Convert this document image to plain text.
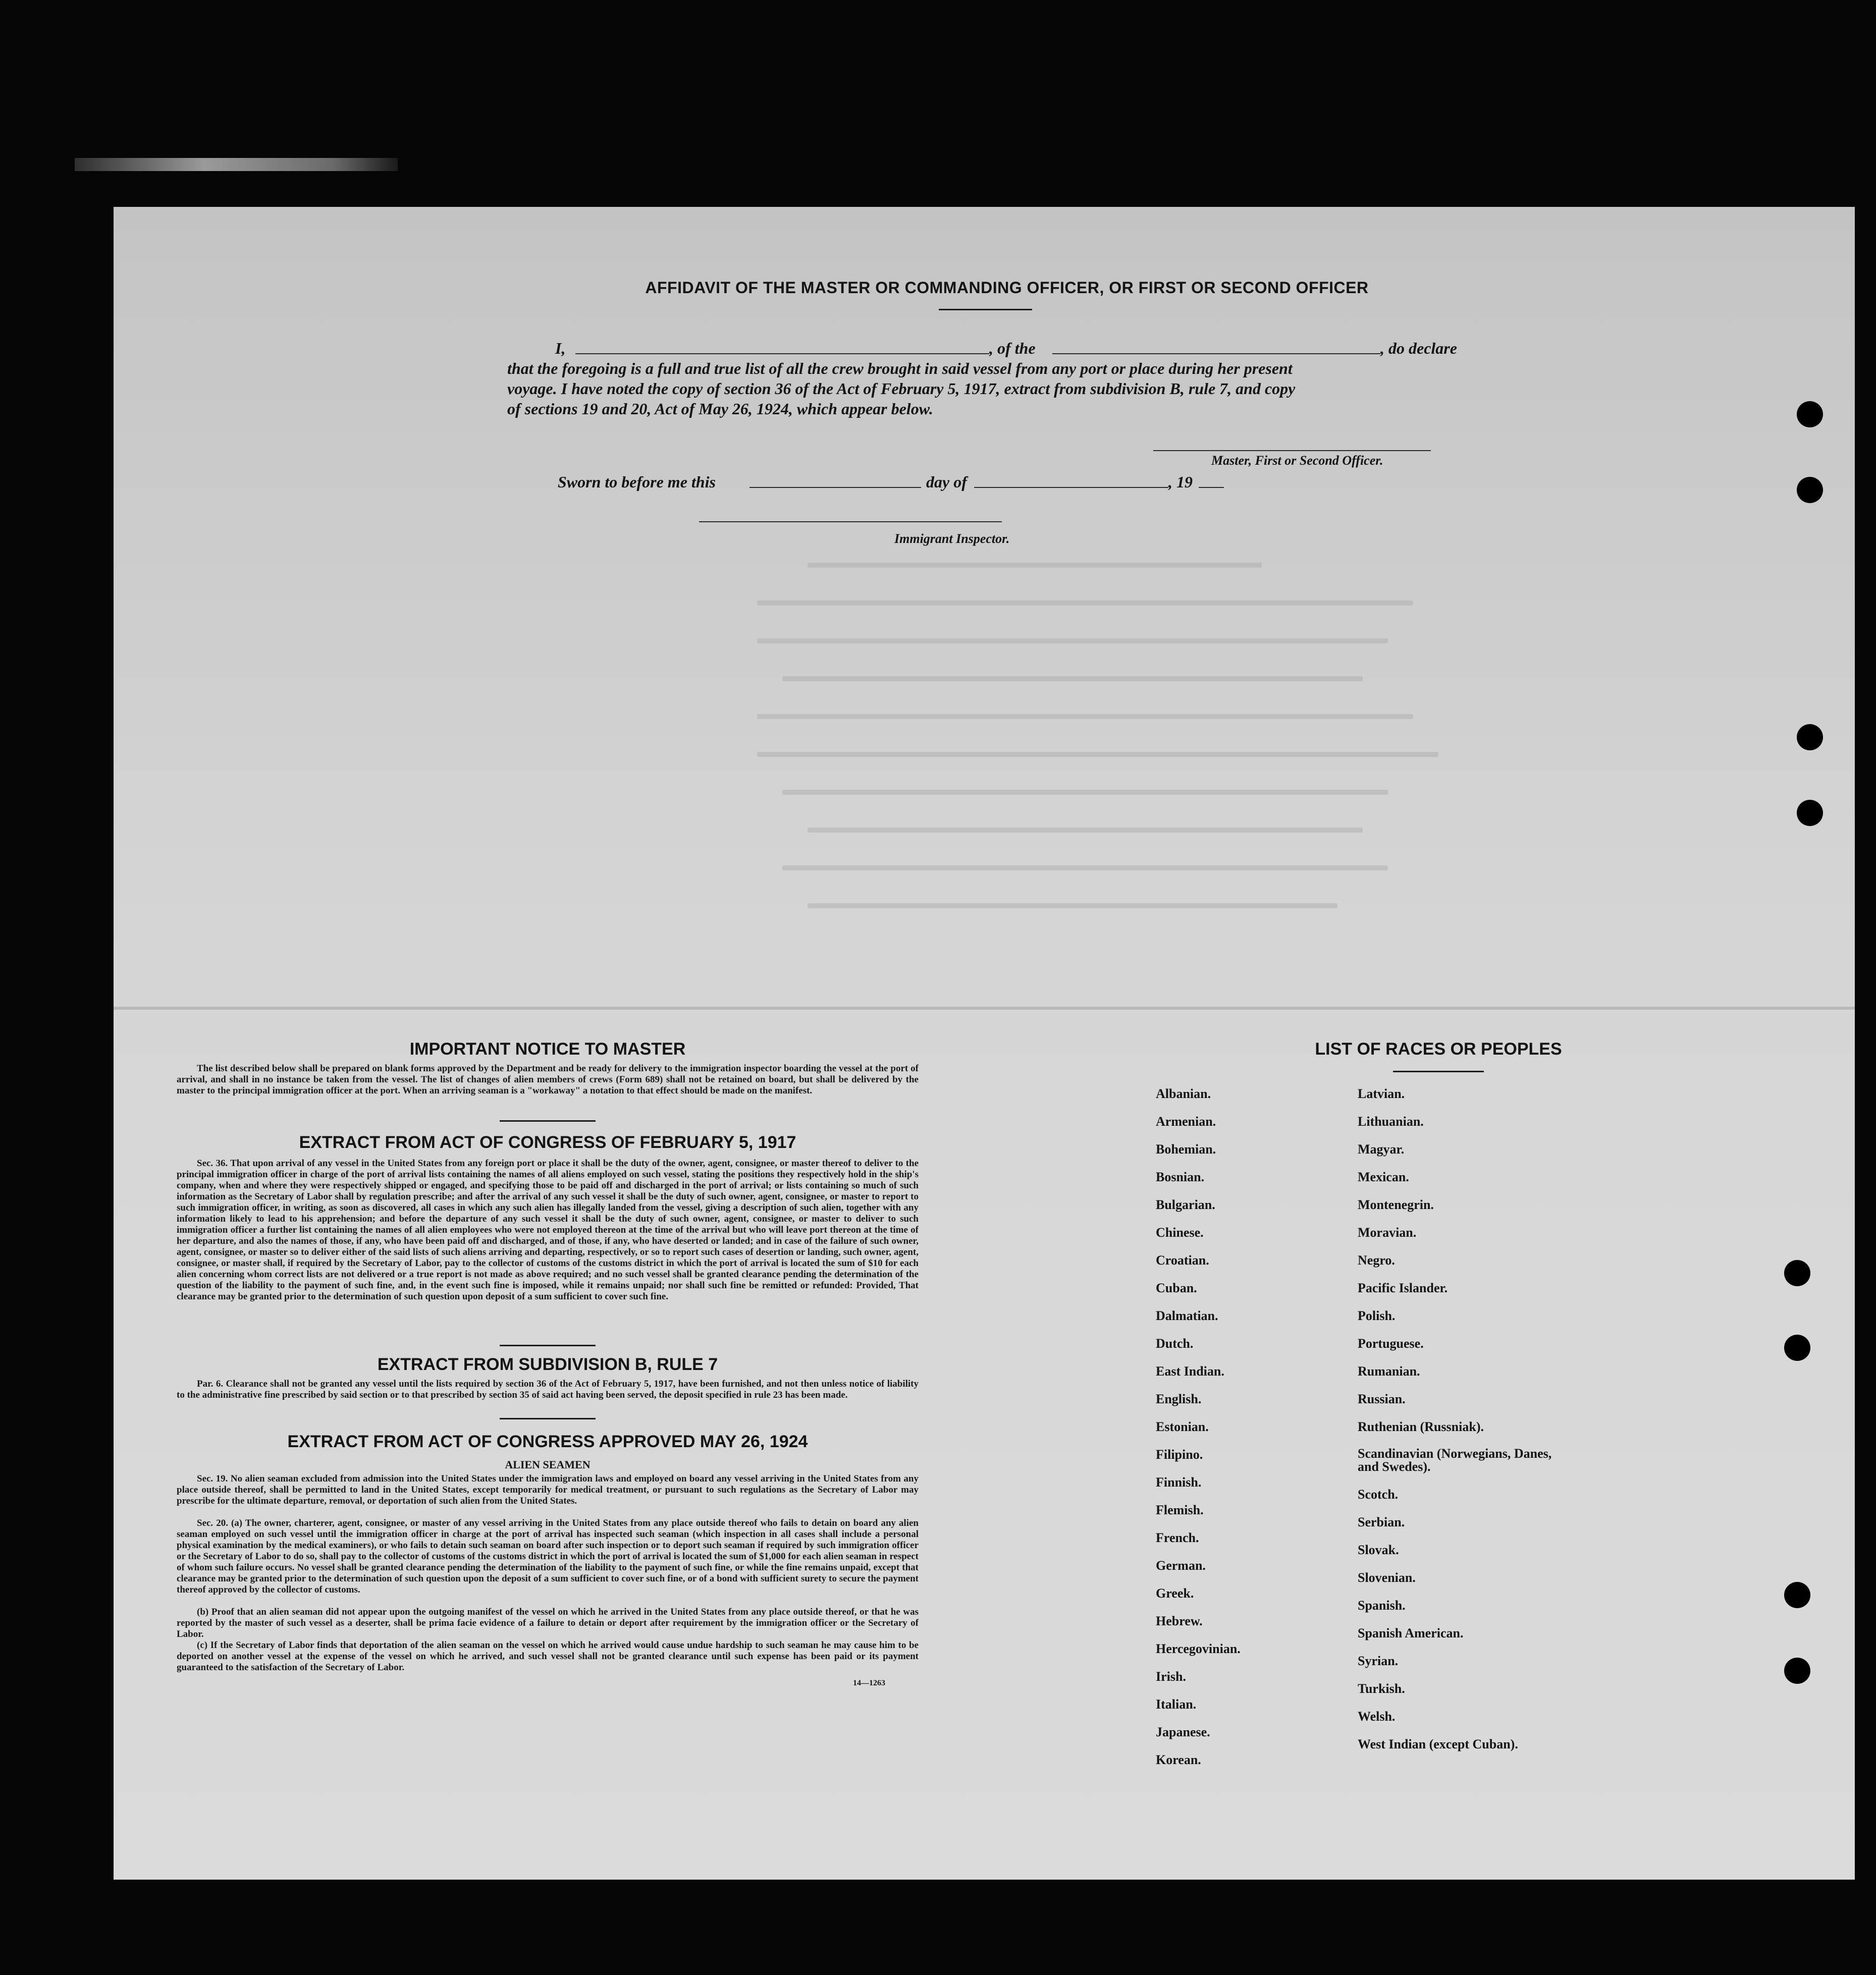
AFFIDAVIT OF THE MASTER OR COMMANDING OFFICER, OR FIRST OR SECOND OFFICER
I,	, of the	, do declare
that the foregoing is a full and true list of all the crew brought in said vessel from any port or place during her present
voyage. I have noted the copy of section 36 of the Act of February 5, 1917, extract from subdivision B, rule 7, and copy
of sections 19 and 20, Act of May 26, 1924, which appear below.
Master, First or Second Officer.
Sworn to before me this	day of	, 19
Immigrant Inspector.
IMPORTANT NOTICE TO MASTER
The list described below shall be prepared on blank forms approved by the Department and be ready for delivery to the immigration inspector boarding the vessel at the port of arrival, and shall in no instance be taken from the vessel. The list of changes of alien members of crews (Form 689) shall not be retained on board, but shall be delivered by the master to the principal immigration officer at the port. When an arriving seaman is a "workaway" a notation to that effect should be made on the manifest.
EXTRACT FROM ACT OF CONGRESS OF FEBRUARY 5, 1917
Sec. 36. That upon arrival of any vessel in the United States from any foreign port or place it shall be the duty of the owner, agent, consignee, or master thereof to deliver to the principal immigration officer in charge of the port of arrival lists containing the names of all aliens employed on such vessel, stating the positions they respectively hold in the ship's company, when and where they were respectively shipped or engaged, and specifying those to be paid off and discharged in the port of arrival; or lists containing so much of such information as the Secretary of Labor shall by regulation prescribe; and after the arrival of any such vessel it shall be the duty of such owner, agent, consignee, or master to report to such immigration officer, in writing, as soon as discovered, all cases in which any such alien has illegally landed from the vessel, giving a description of such alien, together with any information likely to lead to his apprehension; and before the departure of any such vessel it shall be the duty of such owner, agent, consignee, or master to deliver to such immigration officer a further list containing the names of all alien employees who were not employed thereon at the time of the arrival but who will leave port thereon at the time of her departure, and also the names of those, if any, who have been paid off and discharged, and of those, if any, who have deserted or landed; and in case of the failure of such owner, agent, consignee, or master so to deliver either of the said lists of such aliens arriving and departing, respectively, or so to report such cases of desertion or landing, such owner, agent, consignee, or master shall, if required by the Secretary of Labor, pay to the collector of customs of the customs district in which the port of arrival is located the sum of $10 for each alien concerning whom correct lists are not delivered or a true report is not made as above required; and no such vessel shall be granted clearance pending the determination of the question of the liability to the payment of such fine, and, in the event such fine is imposed, while it remains unpaid; nor shall such fine be remitted or refunded: Provided, That clearance may be granted prior to the determination of such question upon deposit of a sum sufficient to cover such fine.
EXTRACT FROM SUBDIVISION B, RULE 7
Par. 6. Clearance shall not be granted any vessel until the lists required by section 36 of the Act of February 5, 1917, have been furnished, and not then unless notice of liability to the administrative fine prescribed by said section or to that prescribed by section 35 of said act having been served, the deposit specified in rule 23 has been made.
EXTRACT FROM ACT OF CONGRESS APPROVED MAY 26, 1924
ALIEN SEAMEN
Sec. 19. No alien seaman excluded from admission into the United States under the immigration laws and employed on board any vessel arriving in the United States from any place outside thereof, shall be permitted to land in the United States, except temporarily for medical treatment, or pursuant to such regulations as the Secretary of Labor may prescribe for the ultimate departure, removal, or deportation of such alien from the United States.
Sec. 20. (a) The owner, charterer, agent, consignee, or master of any vessel arriving in the United States from any place outside thereof who fails to detain on board any alien seaman employed on such vessel until the immigration officer in charge at the port of arrival has inspected such seaman (which inspection in all cases shall include a personal physical examination by the medical examiners), or who fails to detain such seaman on board after such inspection or to deport such seaman if required by such immigration officer or the Secretary of Labor to do so, shall pay to the collector of customs of the customs district in which the port of arrival is located the sum of $1,000 for each alien seaman in respect of whom such failure occurs. No vessel shall be granted clearance pending the determination of the liability to the payment of such fine, or while the fine remains unpaid, except that clearance may be granted prior to the determination of such question upon the deposit of a sum sufficient to cover such fine, or of a bond with sufficient surety to secure the payment thereof approved by the collector of customs.
(b) Proof that an alien seaman did not appear upon the outgoing manifest of the vessel on which he arrived in the United States from any place outside thereof, or that he was reported by the master of such vessel as a deserter, shall be prima facie evidence of a failure to detain or deport after requirement by the immigration officer or the Secretary of Labor.
(c) If the Secretary of Labor finds that deportation of the alien seaman on the vessel on which he arrived would cause undue hardship to such seaman he may cause him to be deported on another vessel at the expense of the vessel on which he arrived, and such vessel shall not be granted clearance until such expense has been paid or its payment guaranteed to the satisfaction of the Secretary of Labor.
14—1263
LIST OF RACES OR PEOPLES
Albanian.
Armenian.
Bohemian.
Bosnian.
Bulgarian.
Chinese.
Croatian.
Cuban.
Dalmatian.
Dutch.
East Indian.
English.
Estonian.
Filipino.
Finnish.
Flemish.
French.
German.
Greek.
Hebrew.
Hercegovinian.
Irish.
Italian.
Japanese.
Korean.
Latvian.
Lithuanian.
Magyar.
Mexican.
Montenegrin.
Moravian.
Negro.
Pacific Islander.
Polish.
Portuguese.
Rumanian.
Russian.
Ruthenian (Russniak).
Scandinavian (Norwegians, Danes, and Swedes).
Scotch.
Serbian.
Slovak.
Slovenian.
Spanish.
Spanish American.
Syrian.
Turkish.
Welsh.
West Indian (except Cuban).
